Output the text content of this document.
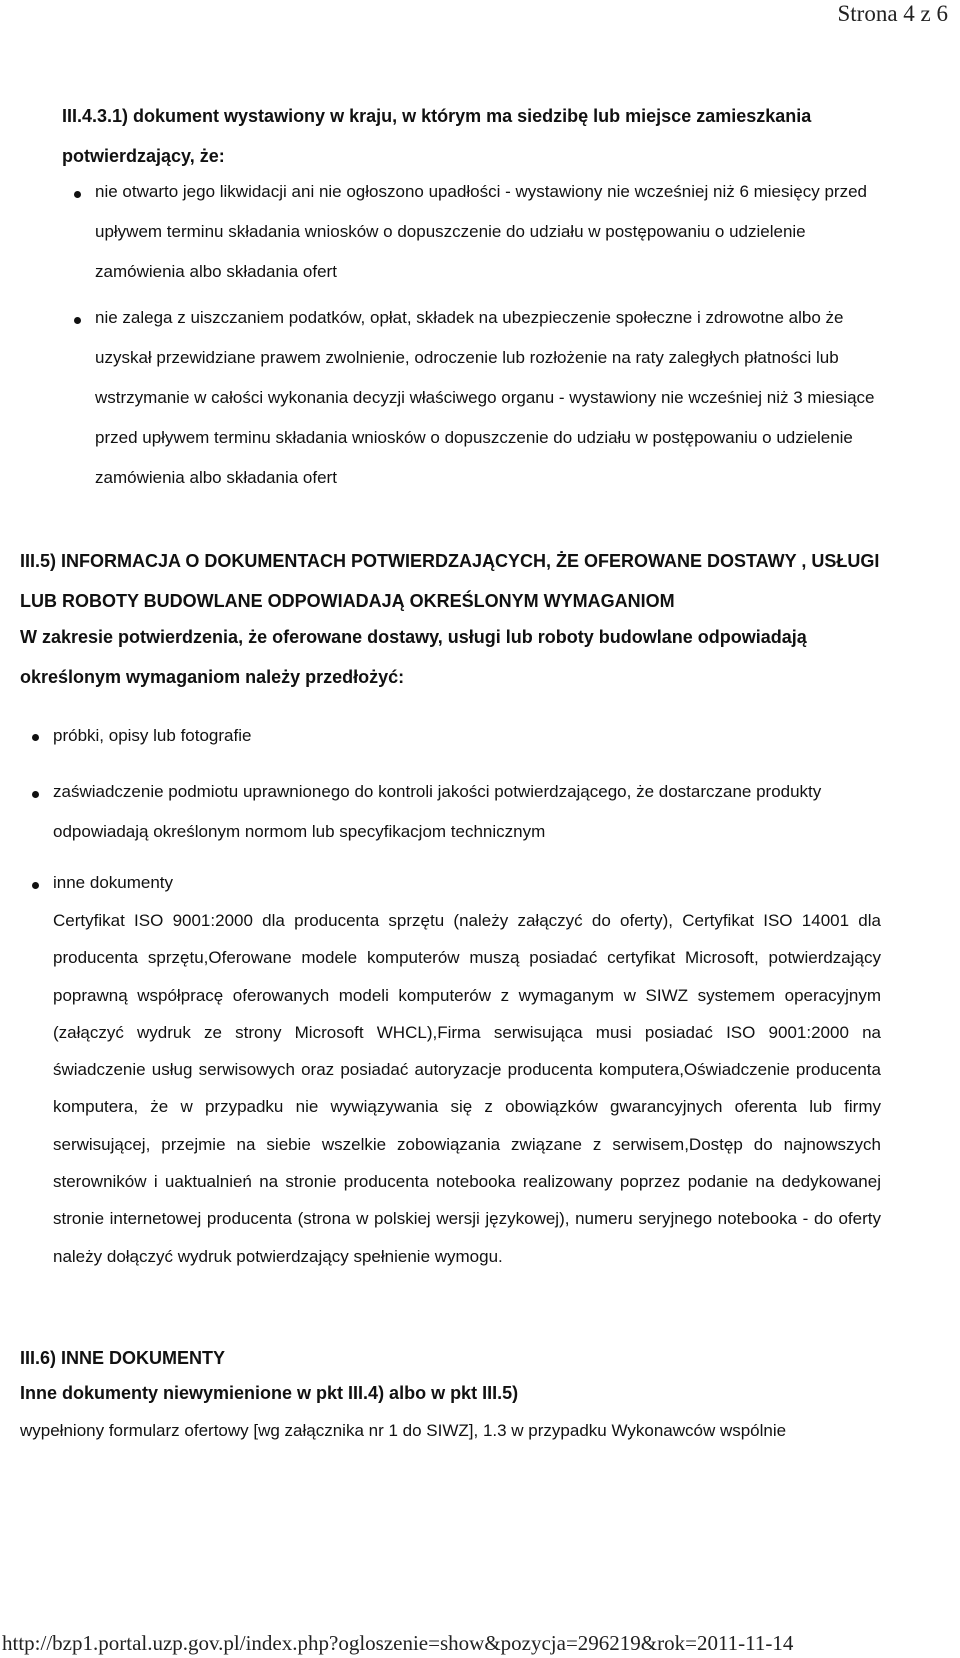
Strona 4 z 6

III.4.3.1) dokument wystawiony w kraju, w którym ma siedzibę lub miejsce zamieszkania potwierdzający, że:

nie otwarto jego likwidacji ani nie ogłoszono upadłości - wystawiony nie wcześniej niż 6 miesięcy przed upływem terminu składania wniosków o dopuszczenie do udziału w postępowaniu o udzielenie zamówienia albo składania ofert

nie zalega z uiszczaniem podatków, opłat, składek na ubezpieczenie społeczne i zdrowotne albo że uzyskał przewidziane prawem zwolnienie, odroczenie lub rozłożenie na raty zaległych płatności lub wstrzymanie w całości wykonania decyzji właściwego organu - wystawiony nie wcześniej niż 3 miesiące przed upływem terminu składania wniosków o dopuszczenie do udziału w postępowaniu o udzielenie zamówienia albo składania ofert

III.5) INFORMACJA O DOKUMENTACH POTWIERDZAJĄCYCH, ŻE OFEROWANE DOSTAWY , USŁUGI LUB ROBOTY BUDOWLANE ODPOWIADAJĄ OKREŚLONYM WYMAGANIOM

W zakresie potwierdzenia, że oferowane dostawy, usługi lub roboty budowlane odpowiadają określonym wymaganiom należy przedłożyć:

próbki, opisy lub fotografie

zaświadczenie podmiotu uprawnionego do kontroli jakości potwierdzającego, że dostarczane produkty odpowiadają określonym normom lub specyfikacjom technicznym

inne dokumenty

Certyfikat ISO 9001:2000 dla producenta sprzętu (należy załączyć do oferty), Certyfikat ISO 14001 dla producenta sprzętu,Oferowane modele komputerów muszą posiadać certyfikat Microsoft, potwierdzający poprawną współpracę oferowanych modeli komputerów z wymaganym w SIWZ systemem operacyjnym (załączyć wydruk ze strony Microsoft WHCL),Firma serwisująca musi posiadać ISO 9001:2000 na świadczenie usług serwisowych oraz posiadać autoryzacje producenta komputera,Oświadczenie producenta komputera, że w przypadku nie wywiązywania się z obowiązków gwarancyjnych oferenta lub firmy serwisującej, przejmie na siebie wszelkie zobowiązania związane z serwisem,Dostęp do najnowszych sterowników i uaktualnień na stronie producenta notebooka realizowany poprzez podanie na dedykowanej stronie internetowej producenta (strona w polskiej wersji językowej), numeru seryjnego notebooka - do oferty należy dołączyć wydruk potwierdzający spełnienie wymogu.

III.6) INNE DOKUMENTY

Inne dokumenty niewymienione w pkt III.4) albo w pkt III.5)

wypełniony formularz ofertowy [wg załącznika nr 1 do SIWZ], 1.3 w przypadku Wykonawców wspólnie

http://bzp1.portal.uzp.gov.pl/index.php?ogloszenie=show&pozycja=296219&rok=2011-11-14
